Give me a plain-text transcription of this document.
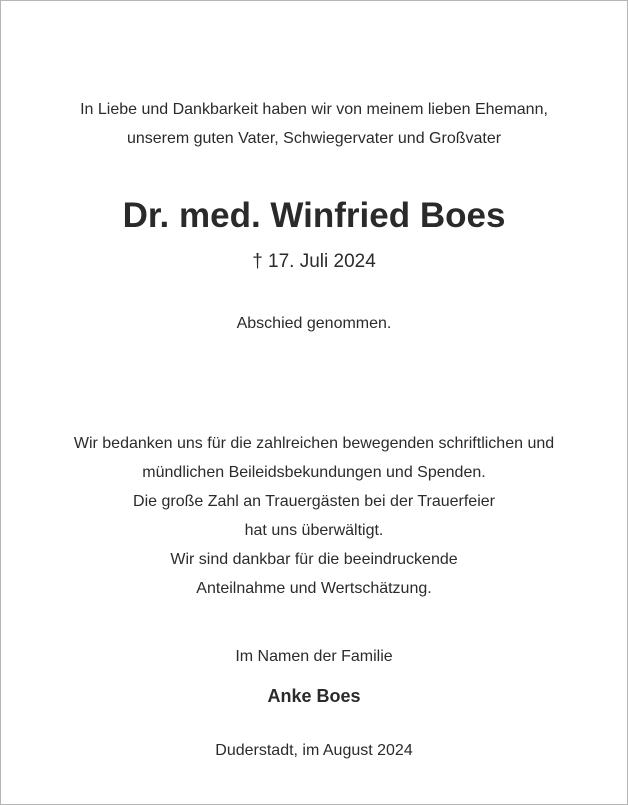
In Liebe und Dankbarkeit haben wir von meinem lieben Ehemann,

unserem guten Vater, Schwiegervater und Großvater

Dr. med. Winfried Boes

† 17. Juli 2024

Abschied genommen.

Wir bedanken uns für die zahlreichen bewegenden schriftlichen und

mündlichen Beileidsbekundungen und Spenden.

Die große Zahl an Trauergästen bei der Trauerfeier

hat uns überwältigt.

Wir sind dankbar für die beeindruckende

Anteilnahme und Wertschätzung.

Im Namen der Familie

Anke Boes

Duderstadt, im August 2024
